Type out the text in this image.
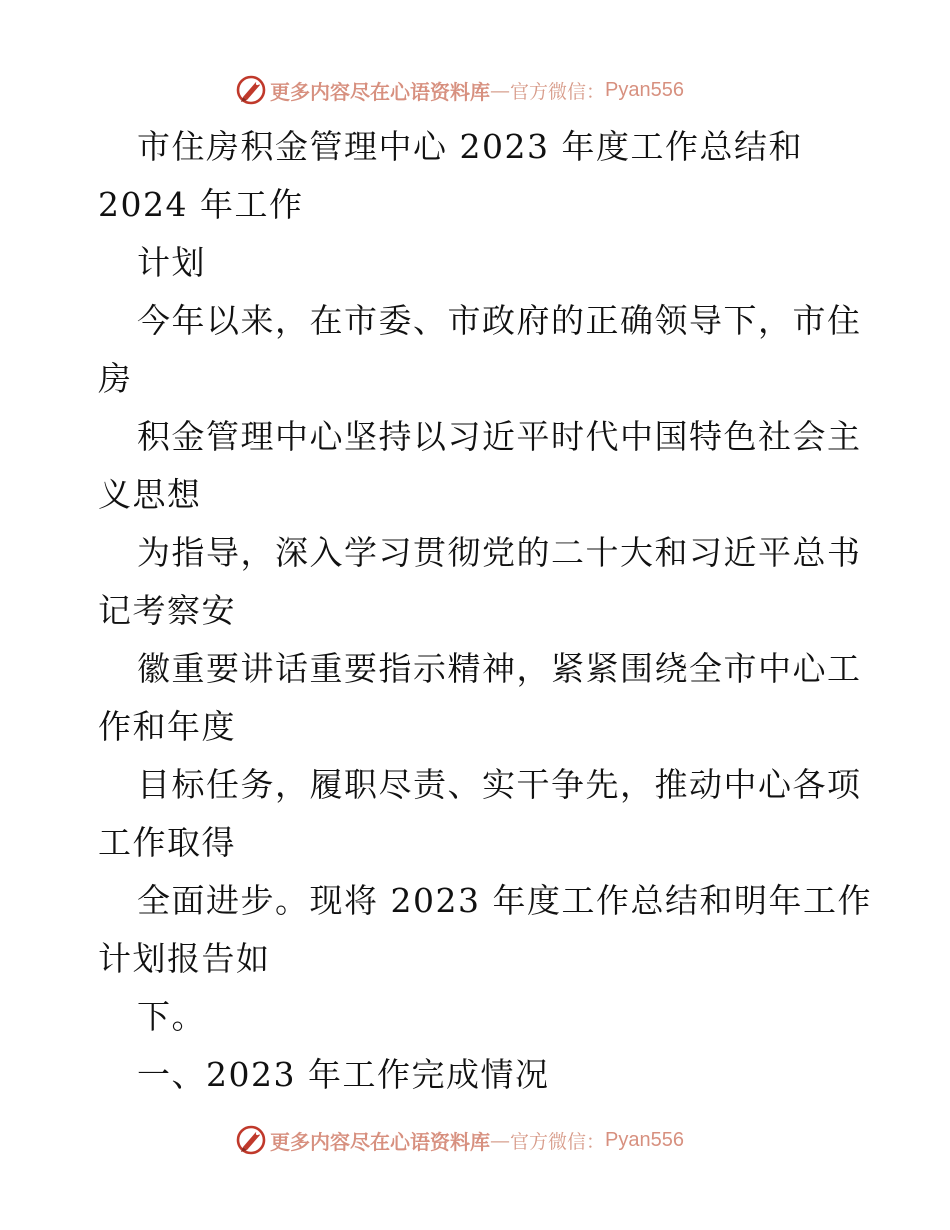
更多内容尽在心语资料库 — 官方微信： Pyan556
市住房积金管理中心 2023 年度工作总结和
2024 年工作
计划
今年以来，在市委、市政府的正确领导下，市住
房
积金管理中心坚持以习近平时代中国特色社会主
义思想
为指导，深入学习贯彻党的二十大和习近平总书
记考察安
徽重要讲话重要指示精神，紧紧围绕全市中心工
作和年度
目标任务，履职尽责、实干争先，推动中心各项
工作取得
全面进步。现将 2023 年度工作总结和明年工作
计划报告如
下。
一、2023 年工作完成情况
更多内容尽在心语资料库 — 官方微信： Pyan556
